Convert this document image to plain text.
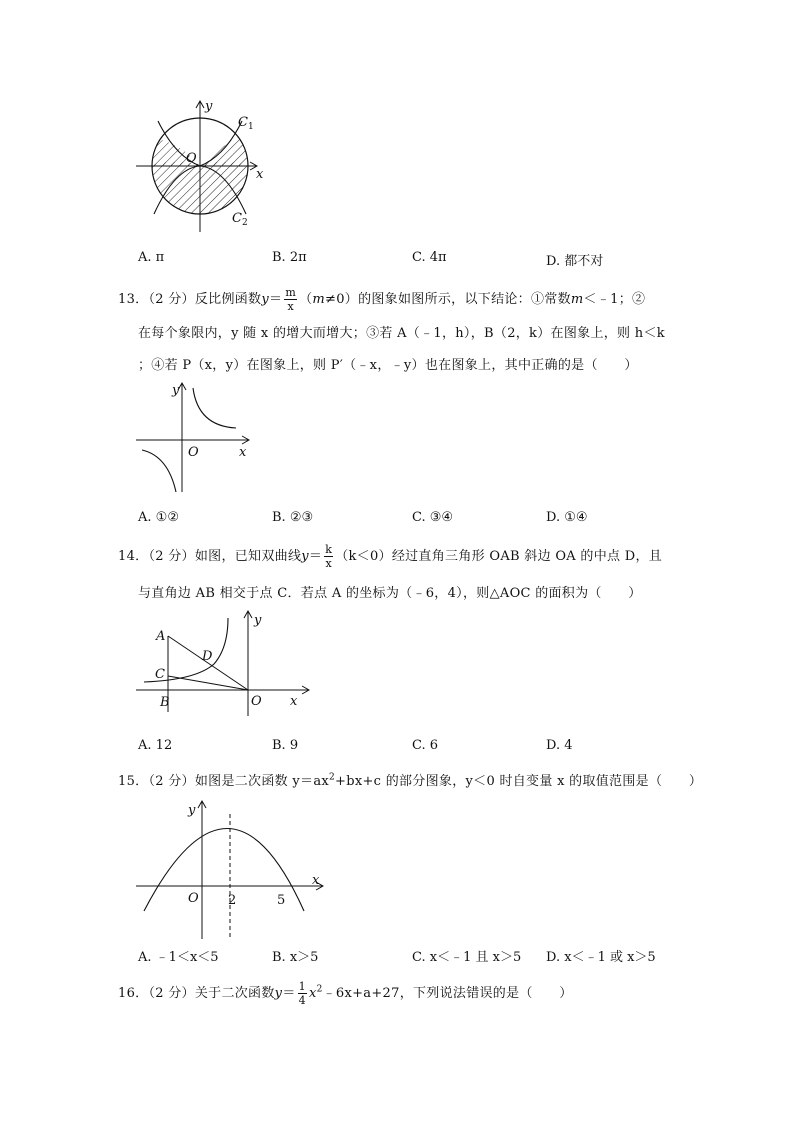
y
x
O
$C_1$
$C_2$
A. π	B. 2π	C. 4π	D. 都不对
13．（2 分）反比例函数$y= \frac{m}{x} (m\ne 0)$的图象如图所示，以下结论：①常数m＜﹣1；②
在每个象限内，y 随 x 的增大而增大；③若 A（﹣1，h），B（2，k）在图象上，则 h＜k
；④若 P（x，y）在图象上，则 P′（﹣x，﹣y）也在图象上，其中正确的是（　　）
y
x
O
A. ①②	B. ②③	C. ③④	D. ①④
14．（2 分）如图，已知双曲线$y= \frac{k}{x} (k<0)$经过直角三角形 OAB 斜边 OA 的中点 D，且
与直角边 AB 相交于点 C．若点 A 的坐标为（﹣6，4），则△AOC 的面积为（　　）
A
C
B
D
O x
y
A. 12	B. 9	C. 6	D. 4
15．（2 分）如图是二次函数 $y=ax^2+bx+c$ 的部分图象，y＜0 时自变量 x 的取值范围是（　　）
y
x
O 2	5
A. ﹣1＜x＜5	B. x＞5	C. x＜﹣1 且 x＞5 D. x＜﹣1 或 x＞5
16．（2 分）关于二次函数$y= \frac{1}{4}$ $x^2﹣6x+a+27$，下列说法错误的是（　　）
